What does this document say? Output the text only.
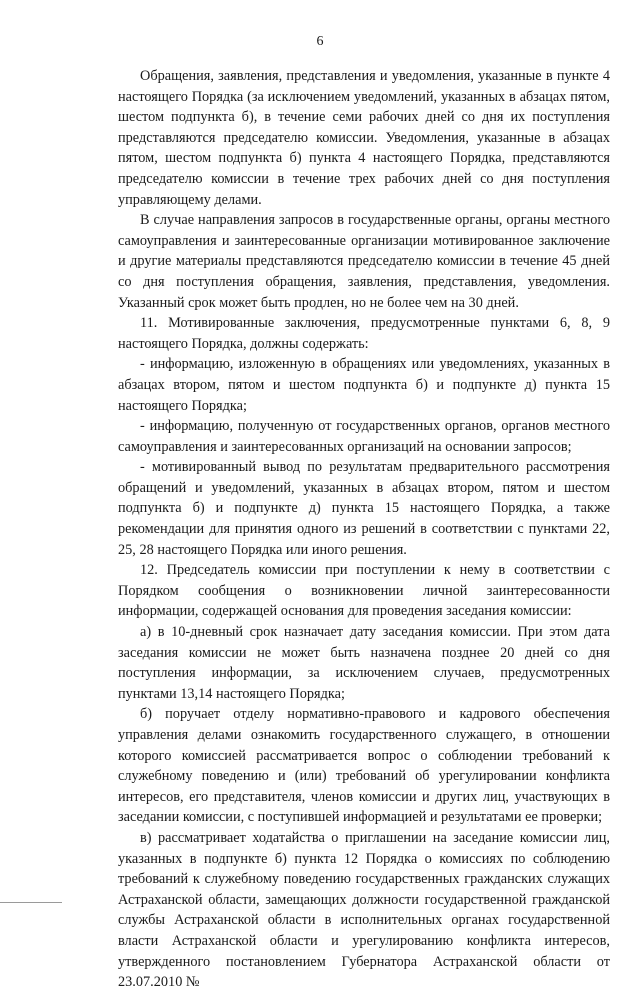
6

Обращения, заявления, представления и уведомления, указанные в пункте 4 настоящего Порядка (за исключением уведомлений, указанных в абзацах пятом, шестом подпункта б), в течение семи рабочих дней со дня их поступления представляются председателю комиссии. Уведомления, указанные в абзацах пятом, шестом подпункта б) пункта 4 настоящего Порядка, представляются председателю комиссии в течение трех рабочих дней со дня поступления управляющему делами.

В случае направления запросов в государственные органы, органы местного самоуправления и заинтересованные организации мотивированное заключение и другие материалы представляются председателю комиссии в течение 45 дней со дня поступления обращения, заявления, представления, уведомления. Указанный срок может быть продлен, но не более чем на 30 дней.

11. Мотивированные заключения, предусмотренные пунктами 6, 8, 9 настоящего Порядка, должны содержать:

- информацию, изложенную в обращениях или уведомлениях, указанных в абзацах втором, пятом и шестом подпункта б) и подпункте д) пункта 15 настоящего Порядка;

- информацию, полученную от государственных органов, органов местного самоуправления и заинтересованных организаций на основании запросов;

- мотивированный вывод по результатам предварительного рассмотрения обращений и уведомлений, указанных в абзацах втором, пятом и шестом подпункта б) и подпункте д) пункта 15 настоящего Порядка, а также рекомендации для принятия одного из решений в соответствии с пунктами 22, 25, 28 настоящего Порядка или иного решения.

12. Председатель комиссии при поступлении к нему в соответствии с Порядком сообщения о возникновении личной заинтересованности информации, содержащей основания для проведения заседания комиссии:

а) в 10-дневный срок назначает дату заседания комиссии. При этом дата заседания комиссии не может быть назначена позднее 20 дней со дня поступления информации, за исключением случаев, предусмотренных пунктами 13,14 настоящего Порядка;

б) поручает отделу нормативно-правового и кадрового обеспечения управления делами ознакомить государственного служащего, в отношении которого комиссией рассматривается вопрос о соблюдении требований к служебному поведению и (или) требований об урегулировании конфликта интересов, его представителя, членов комиссии и других лиц, участвующих в заседании комиссии, с поступившей информацией и результатами ее проверки;

в) рассматривает ходатайства о приглашении на заседание комиссии лиц, указанных в подпункте б) пункта 12 Порядка о комиссиях по соблюдению требований к служебному поведению государственных гражданских служащих Астраханской области, замещающих должности государственной гражданской службы Астраханской области в исполнительных органах государственной власти Астраханской области и урегулированию конфликта интересов, утвержденного постановлением Губернатора Астраханской области от 23.07.2010 №
